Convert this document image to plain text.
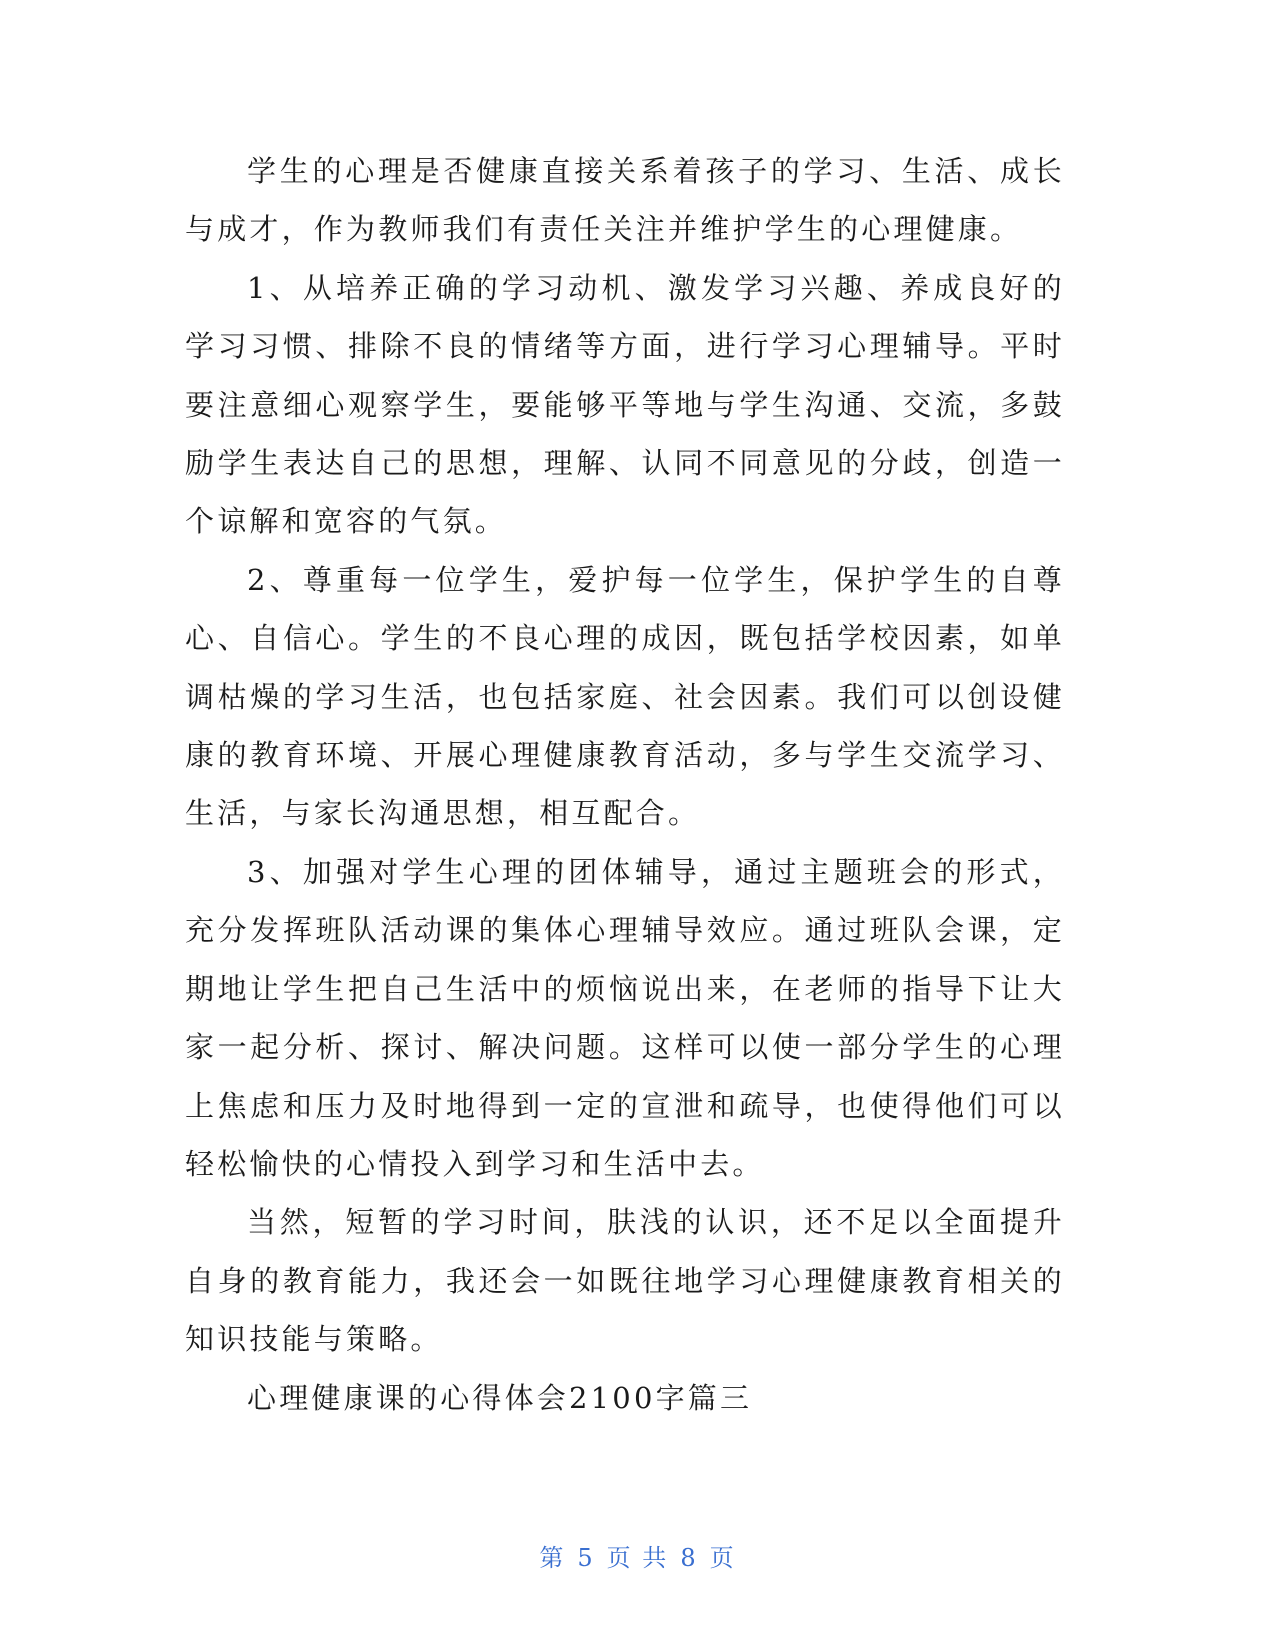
学生的心理是否健康直接关系着孩子的学习、生活、成长与成才，作为教师我们有责任关注并维护学生的心理健康。

1、从培养正确的学习动机、激发学习兴趣、养成良好的学习习惯、排除不良的情绪等方面，进行学习心理辅导。平时要注意细心观察学生，要能够平等地与学生沟通、交流，多鼓励学生表达自己的思想，理解、认同不同意见的分歧，创造一个谅解和宽容的气氛。

2、尊重每一位学生，爱护每一位学生，保护学生的自尊心、自信心。学生的不良心理的成因，既包括学校因素，如单调枯燥的学习生活，也包括家庭、社会因素。我们可以创设健康的教育环境、开展心理健康教育活动，多与学生交流学习、生活，与家长沟通思想，相互配合。

3、加强对学生心理的团体辅导，通过主题班会的形式，充分发挥班队活动课的集体心理辅导效应。通过班队会课，定期地让学生把自己生活中的烦恼说出来，在老师的指导下让大家一起分析、探讨、解决问题。这样可以使一部分学生的心理上焦虑和压力及时地得到一定的宣泄和疏导，也使得他们可以轻松愉快的心情投入到学习和生活中去。

当然，短暂的学习时间，肤浅的认识，还不足以全面提升自身的教育能力，我还会一如既往地学习心理健康教育相关的知识技能与策略。

心理健康课的心得体会2100字篇三

第 5 页 共 8 页
